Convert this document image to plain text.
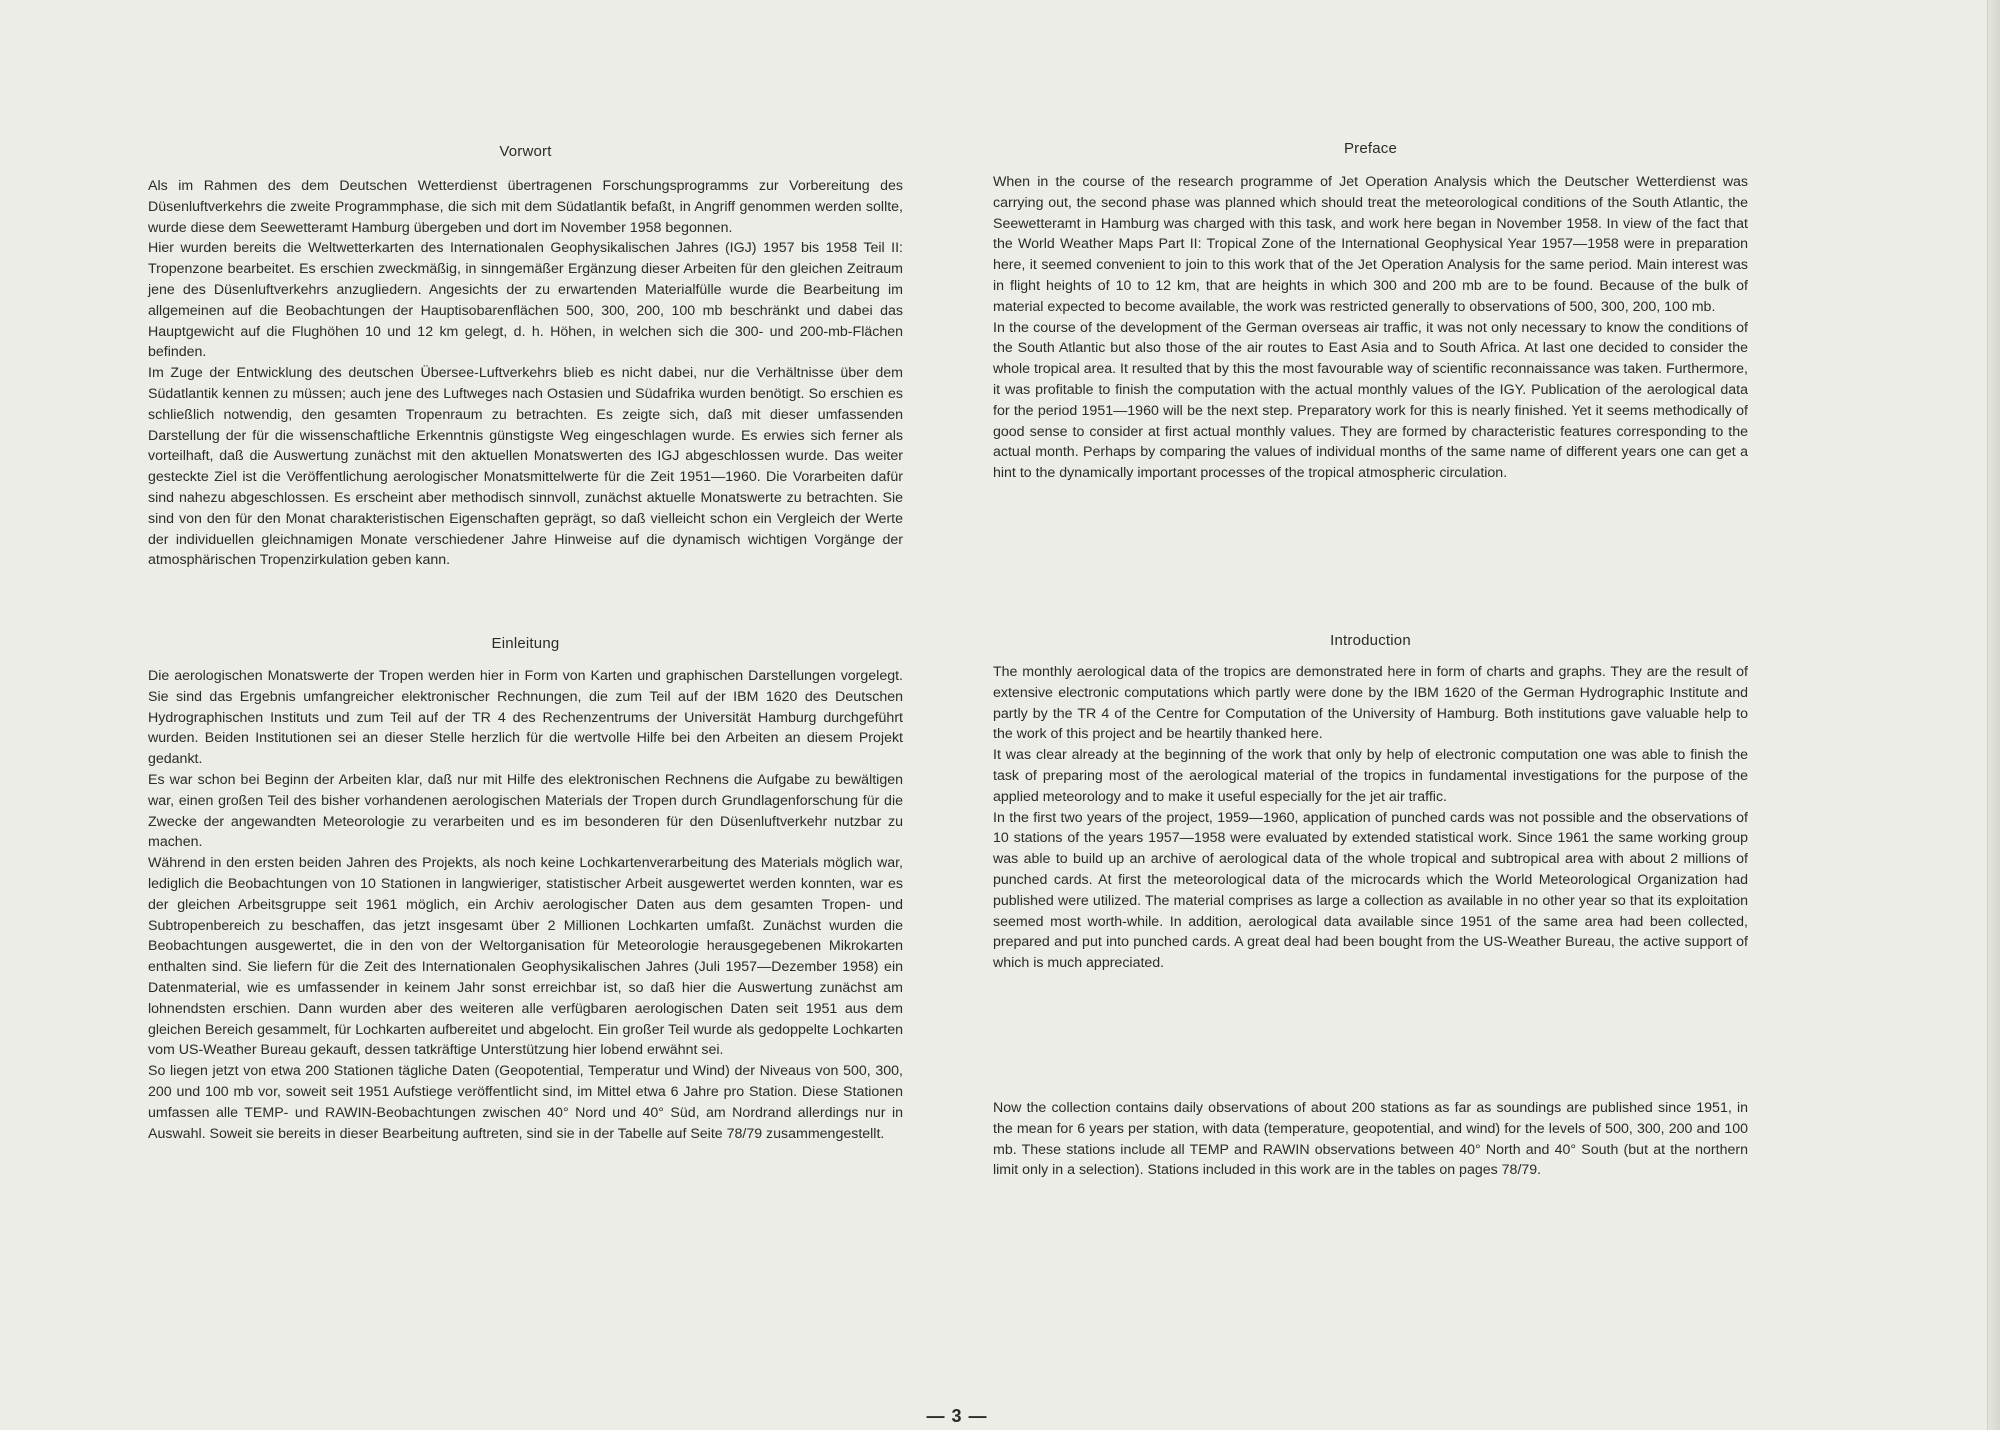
Vorwort

Als im Rahmen des dem Deutschen Wetterdienst übertragenen Forschungsprogramms zur Vorbereitung des Düsenluftverkehrs die zweite Programmphase, die sich mit dem Südatlantik befaßt, in Angriff genommen werden sollte, wurde diese dem Seewetteramt Hamburg übergeben und dort im November 1958 begonnen.

Hier wurden bereits die Weltwetterkarten des Internationalen Geophysikalischen Jahres (IGJ) 1957 bis 1958 Teil II: Tropenzone bearbeitet. Es erschien zweckmäßig, in sinngemäßer Ergänzung dieser Arbeiten für den gleichen Zeitraum jene des Düsenluftverkehrs anzugliedern. Angesichts der zu erwartenden Materialfülle wurde die Bearbeitung im allgemeinen auf die Beobachtungen der Hauptisobarenflächen 500, 300, 200, 100 mb beschränkt und dabei das Hauptgewicht auf die Flughöhen 10 und 12 km gelegt, d. h. Höhen, in welchen sich die 300- und 200-mb-Flächen befinden.

Im Zuge der Entwicklung des deutschen Übersee-Luftverkehrs blieb es nicht dabei, nur die Verhältnisse über dem Südatlantik kennen zu müssen; auch jene des Luftweges nach Ostasien und Südafrika wurden benötigt. So erschien es schließlich notwendig, den gesamten Tropenraum zu betrachten. Es zeigte sich, daß mit dieser umfassenden Darstellung der für die wissenschaftliche Erkenntnis günstigste Weg eingeschlagen wurde. Es erwies sich ferner als vorteilhaft, daß die Auswertung zunächst mit den aktuellen Monatswerten des IGJ abgeschlossen wurde. Das weiter gesteckte Ziel ist die Veröffentlichung aerologischer Monatsmittelwerte für die Zeit 1951—1960. Die Vorarbeiten dafür sind nahezu abgeschlossen. Es erscheint aber methodisch sinnvoll, zunächst aktuelle Monatswerte zu betrachten. Sie sind von den für den Monat charakteristischen Eigenschaften geprägt, so daß vielleicht schon ein Vergleich der Werte der individuellen gleichnamigen Monate verschiedener Jahre Hinweise auf die dynamisch wichtigen Vorgänge der atmosphärischen Tropenzirkulation geben kann.

Einleitung

Die aerologischen Monatswerte der Tropen werden hier in Form von Karten und graphischen Darstellungen vorgelegt. Sie sind das Ergebnis umfangreicher elektronischer Rechnungen, die zum Teil auf der IBM 1620 des Deutschen Hydrographischen Instituts und zum Teil auf der TR 4 des Rechenzentrums der Universität Hamburg durchgeführt wurden. Beiden Institutionen sei an dieser Stelle herzlich für die wertvolle Hilfe bei den Arbeiten an diesem Projekt gedankt.

Es war schon bei Beginn der Arbeiten klar, daß nur mit Hilfe des elektronischen Rechnens die Aufgabe zu bewältigen war, einen großen Teil des bisher vorhandenen aerologischen Materials der Tropen durch Grundlagenforschung für die Zwecke der angewandten Meteorologie zu verarbeiten und es im besonderen für den Düsenluftverkehr nutzbar zu machen.

Während in den ersten beiden Jahren des Projekts, als noch keine Lochkartenverarbeitung des Materials möglich war, lediglich die Beobachtungen von 10 Stationen in langwieriger, statistischer Arbeit ausgewertet werden konnten, war es der gleichen Arbeitsgruppe seit 1961 möglich, ein Archiv aerologischer Daten aus dem gesamten Tropen- und Subtropenbereich zu beschaffen, das jetzt insgesamt über 2 Millionen Lochkarten umfaßt. Zunächst wurden die Beobachtungen ausgewertet, die in den von der Weltorganisation für Meteorologie herausgegebenen Mikrokarten enthalten sind. Sie liefern für die Zeit des Internationalen Geophysikalischen Jahres (Juli 1957—Dezember 1958) ein Datenmaterial, wie es umfassender in keinem Jahr sonst erreichbar ist, so daß hier die Auswertung zunächst am lohnendsten erschien. Dann wurden aber des weiteren alle verfügbaren aerologischen Daten seit 1951 aus dem gleichen Bereich gesammelt, für Lochkarten aufbereitet und abgelocht. Ein großer Teil wurde als gedoppelte Lochkarten vom US-Weather Bureau gekauft, dessen tatkräftige Unterstützung hier lobend erwähnt sei.

So liegen jetzt von etwa 200 Stationen tägliche Daten (Geopotential, Temperatur und Wind) der Niveaus von 500, 300, 200 und 100 mb vor, soweit seit 1951 Aufstiege veröffentlicht sind, im Mittel etwa 6 Jahre pro Station. Diese Stationen umfassen alle TEMP- und RAWIN-Beobachtungen zwischen 40° Nord und 40° Süd, am Nordrand allerdings nur in Auswahl. Soweit sie bereits in dieser Bearbeitung auftreten, sind sie in der Tabelle auf Seite 78/79 zusammengestellt.

Preface

When in the course of the research programme of Jet Operation Analysis which the Deutscher Wetterdienst was carrying out, the second phase was planned which should treat the meteorological conditions of the South Atlantic, the Seewetteramt in Hamburg was charged with this task, and work here began in November 1958. In view of the fact that the World Weather Maps Part II: Tropical Zone of the International Geophysical Year 1957—1958 were in preparation here, it seemed convenient to join to this work that of the Jet Operation Analysis for the same period. Main interest was in flight heights of 10 to 12 km, that are heights in which 300 and 200 mb are to be found. Because of the bulk of material expected to become available, the work was restricted generally to observations of 500, 300, 200, 100 mb.

In the course of the development of the German overseas air traffic, it was not only necessary to know the conditions of the South Atlantic but also those of the air routes to East Asia and to South Africa. At last one decided to consider the whole tropical area. It resulted that by this the most favourable way of scientific reconnaissance was taken. Furthermore, it was profitable to finish the computation with the actual monthly values of the IGY. Publication of the aerological data for the period 1951—1960 will be the next step. Preparatory work for this is nearly finished. Yet it seems methodically of good sense to consider at first actual monthly values. They are formed by characteristic features corresponding to the actual month. Perhaps by comparing the values of individual months of the same name of different years one can get a hint to the dynamically important processes of the tropical atmospheric circulation.

Introduction

The monthly aerological data of the tropics are demonstrated here in form of charts and graphs. They are the result of extensive electronic computations which partly were done by the IBM 1620 of the German Hydrographic Institute and partly by the TR 4 of the Centre for Computation of the University of Hamburg. Both institutions gave valuable help to the work of this project and be heartily thanked here.

It was clear already at the beginning of the work that only by help of electronic computation one was able to finish the task of preparing most of the aerological material of the tropics in fundamental investigations for the purpose of the applied meteorology and to make it useful especially for the jet air traffic.

In the first two years of the project, 1959—1960, application of punched cards was not possible and the observations of 10 stations of the years 1957—1958 were evaluated by extended statistical work. Since 1961 the same working group was able to build up an archive of aerological data of the whole tropical and subtropical area with about 2 millions of punched cards. At first the meteorological data of the microcards which the World Meteorological Organization had published were utilized. The material comprises as large a collection as available in no other year so that its exploitation seemed most worth-while. In addition, aerological data available since 1951 of the same area had been collected, prepared and put into punched cards. A great deal had been bought from the US-Weather Bureau, the active support of which is much appreciated.

Now the collection contains daily observations of about 200 stations as far as soundings are published since 1951, in the mean for 6 years per station, with data (temperature, geopotential, and wind) for the levels of 500, 300, 200 and 100 mb. These stations include all TEMP and RAWIN observations between 40° North and 40° South (but at the northern limit only in a selection). Stations included in this work are in the tables on pages 78/79.

— 3 —
